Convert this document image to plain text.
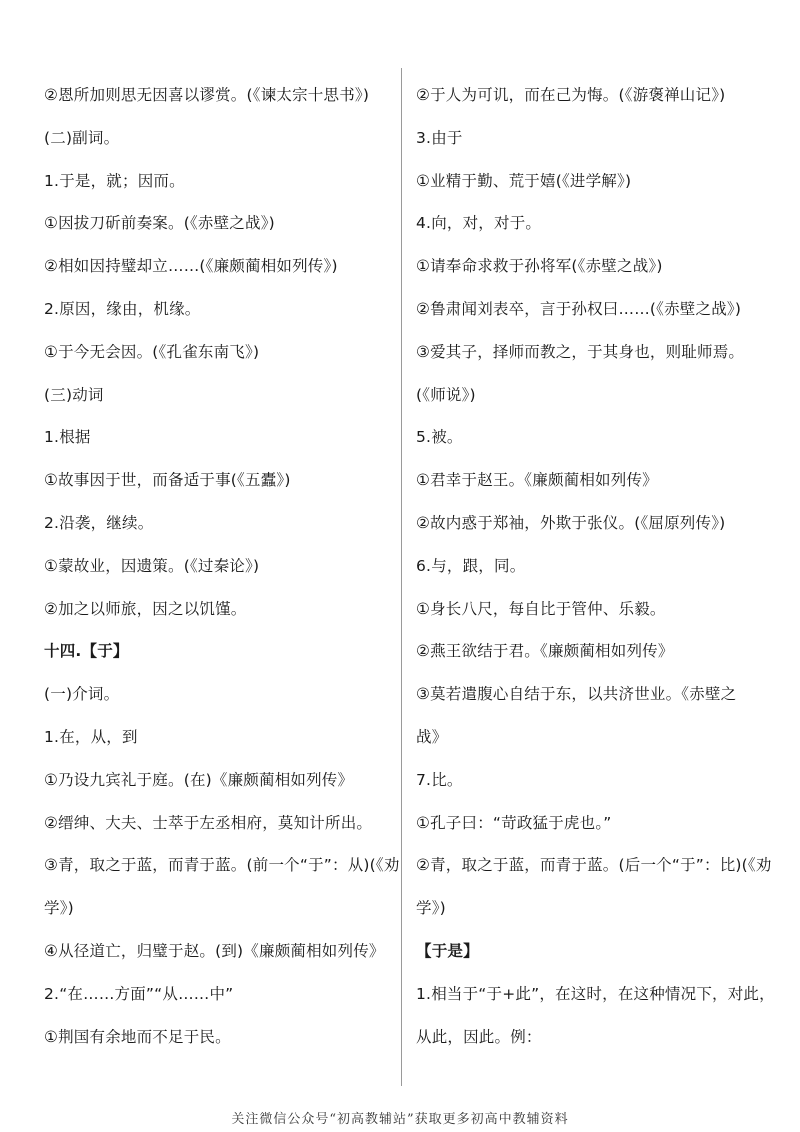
②恩所加则思无因喜以谬赏。(《谏太宗十思书》)
(二)副词。
1.于是，就；因而。
①因拔刀斫前奏案。(《赤壁之战》)
②相如因持璧却立……(《廉颇蔺相如列传》)
2.原因，缘由，机缘。
①于今无会因。(《孔雀东南飞》)
(三)动词
1.根据
①故事因于世，而备适于事(《五蠹》)
2.沿袭，继续。
①蒙故业，因遗策。(《过秦论》)
②加之以师旅，因之以饥馑。
十四.【于】
(一)介词。
1.在，从，到
①乃设九宾礼于庭。(在)《廉颇蔺相如列传》
②缙绅、大夫、士萃于左丞相府，莫知计所出。
③青，取之于蓝，而青于蓝。(前一个“于”：从)(《劝
学》)
④从径道亡，归璧于赵。(到)《廉颇蔺相如列传》
2.“在……方面”“从……中”
①荆国有余地而不足于民。
②于人为可讥，而在己为悔。(《游褒禅山记》)
3.由于
①业精于勤、荒于嬉(《进学解》)
4.向，对，对于。
①请奉命求救于孙将军(《赤壁之战》)
②鲁肃闻刘表卒，言于孙权曰……(《赤壁之战》)
③爱其子，择师而教之，于其身也，则耻师焉。
(《师说》)
5.被。
①君幸于赵王。《廉颇蔺相如列传》
②故内惑于郑袖，外欺于张仪。(《屈原列传》)
6.与，跟，同。
①身长八尺，每自比于管仲、乐毅。
②燕王欲结于君。《廉颇蔺相如列传》
③莫若遣腹心自结于东，以共济世业。《赤壁之
战》
7.比。
①孔子曰：“苛政猛于虎也。”
②青，取之于蓝，而青于蓝。(后一个“于”：比)(《劝
学》)
【于是】
1.相当于“于+此”，在这时，在这种情况下，对此，
从此，因此。例：
关注微信公众号“初高教辅站”获取更多初高中教辅资料
